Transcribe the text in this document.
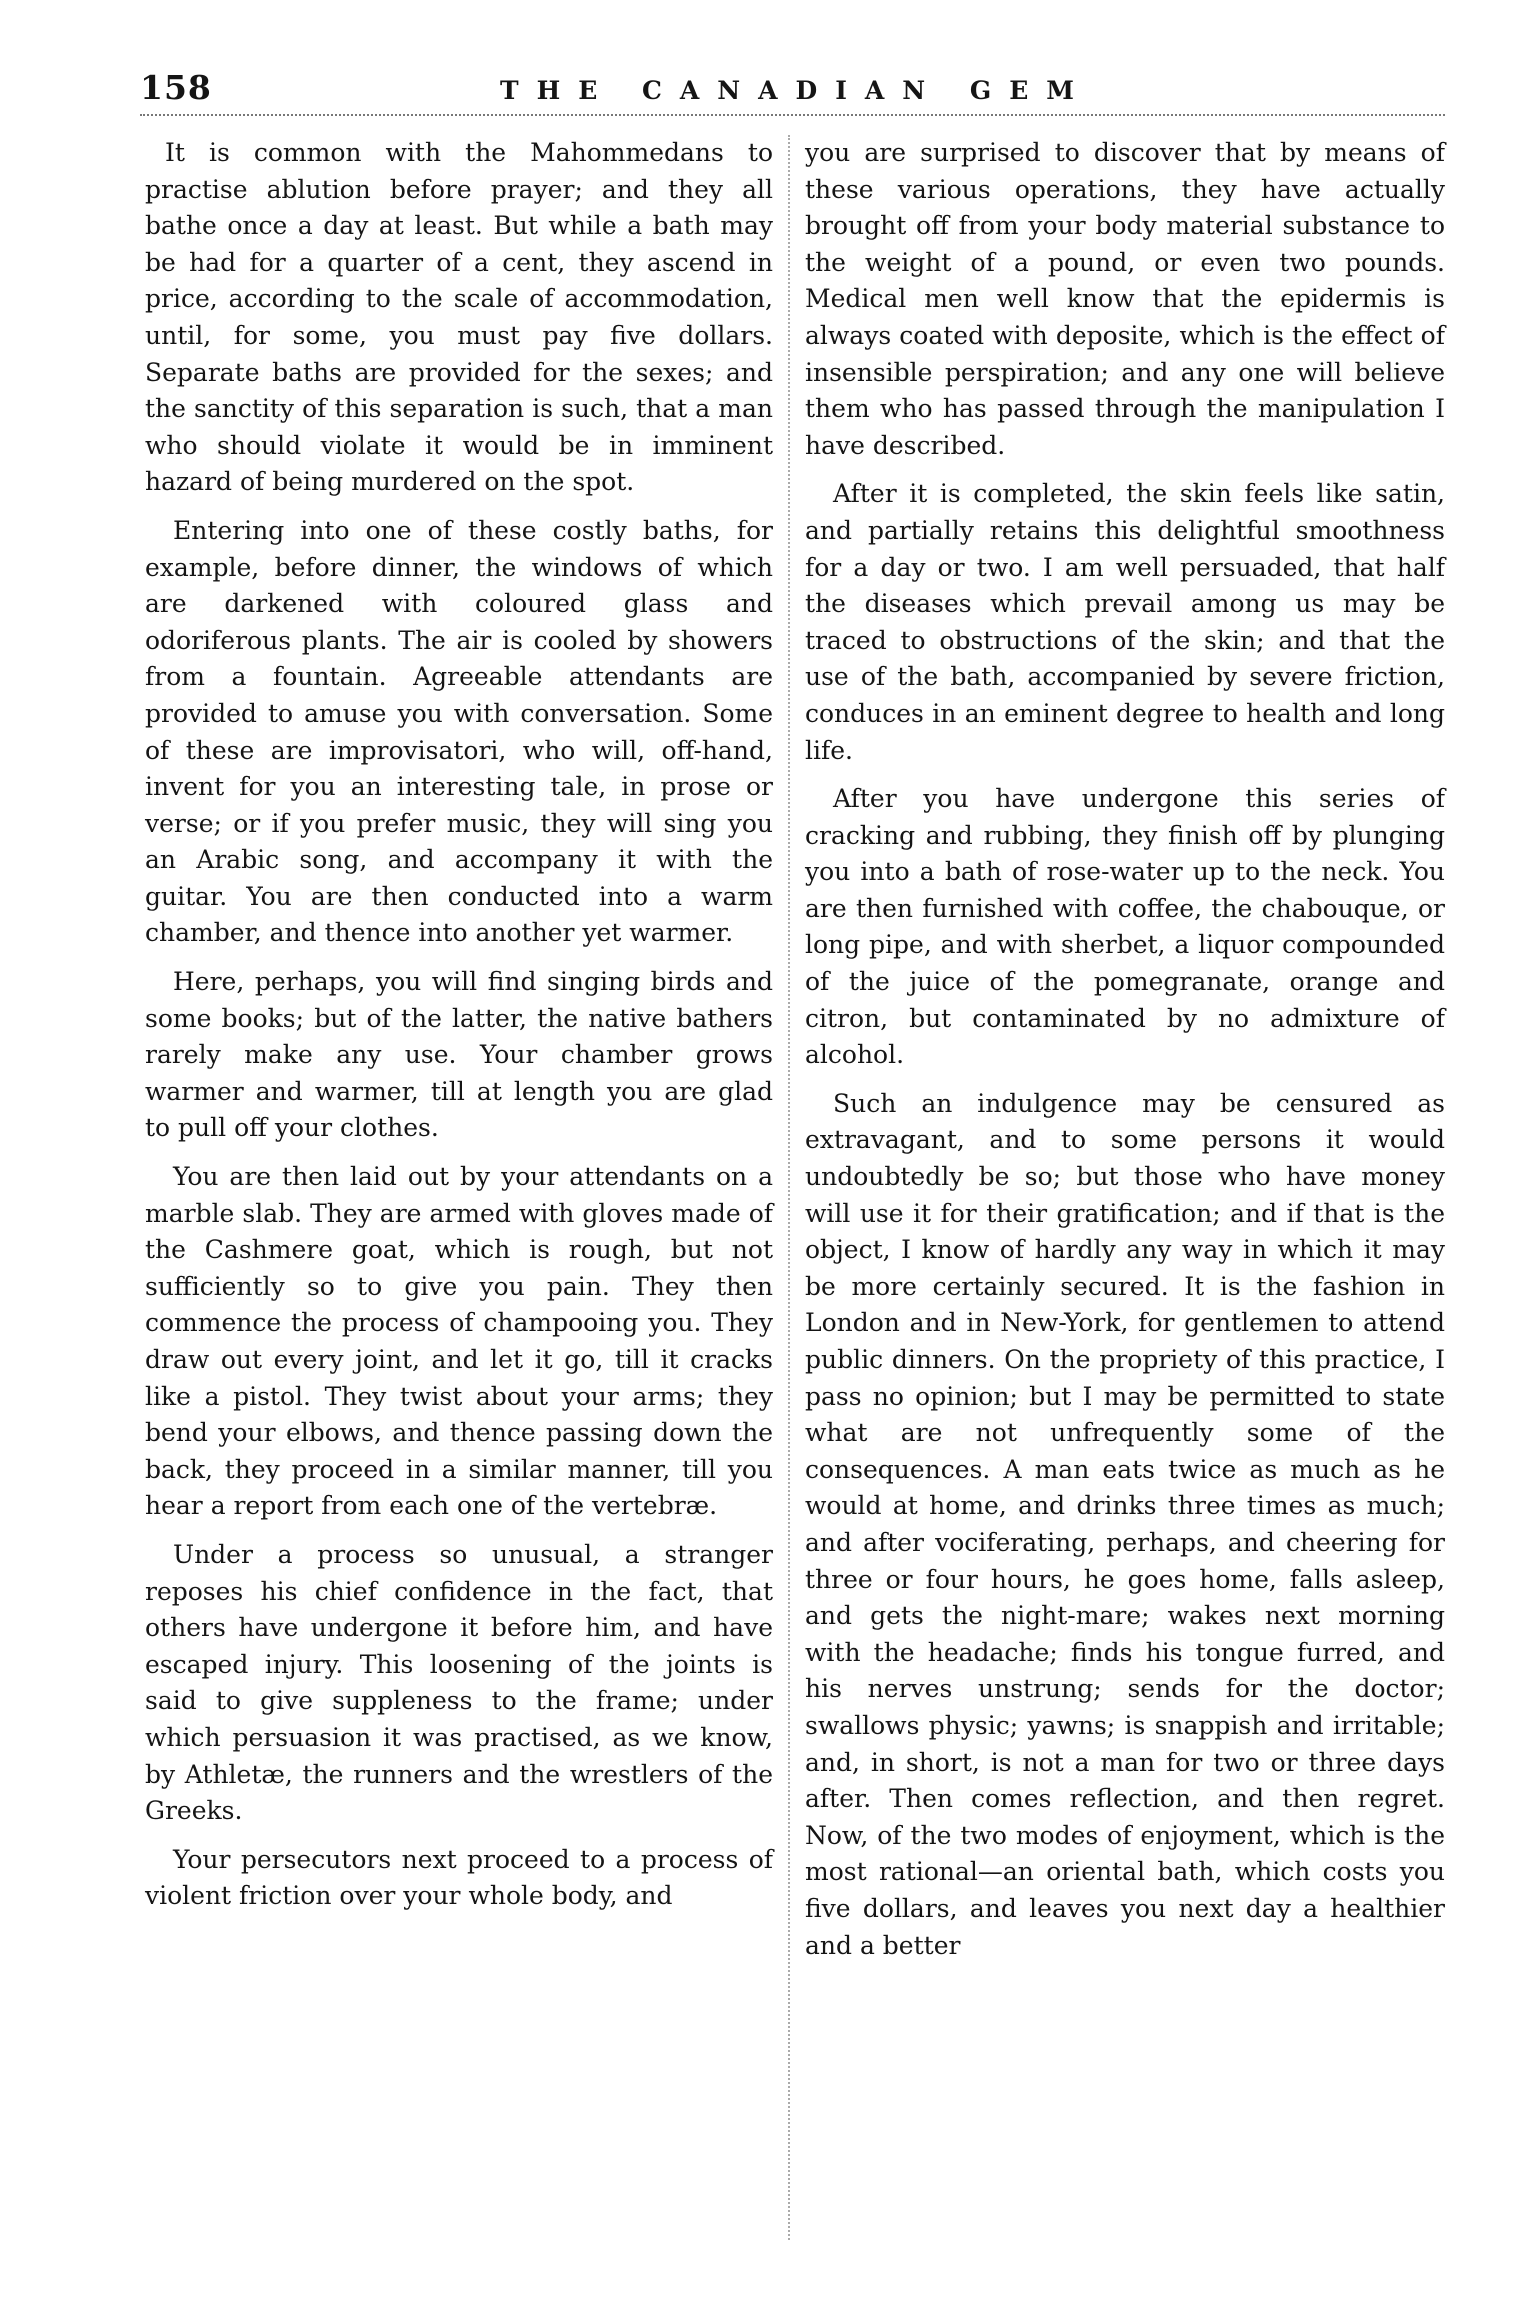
158	THE CANADIAN GEM

It is common with the Mahommedans to practise ablution before prayer; and they all bathe once a day at least. But while a bath may be had for a quarter of a cent, they ascend in price, according to the scale of accommodation, until, for some, you must pay five dollars. Separate baths are provided for the sexes; and the sanctity of this separation is such, that a man who should violate it would be in imminent hazard of being murdered on the spot.

Entering into one of these costly baths, for example, before dinner, the windows of which are darkened with coloured glass and odoriferous plants. The air is cooled by showers from a fountain. Agreeable attendants are provided to amuse you with conversation. Some of these are improvisatori, who will, off-hand, invent for you an interesting tale, in prose or verse; or if you prefer music, they will sing you an Arabic song, and accompany it with the guitar. You are then conducted into a warm chamber, and thence into another yet warmer.

Here, perhaps, you will find singing birds and some books; but of the latter, the native bathers rarely make any use. Your chamber grows warmer and warmer, till at length you are glad to pull off your clothes.

You are then laid out by your attendants on a marble slab. They are armed with gloves made of the Cashmere goat, which is rough, but not sufficiently so to give you pain. They then commence the process of champooing you. They draw out every joint, and let it go, till it cracks like a pistol. They twist about your arms; they bend your elbows, and thence passing down the back, they proceed in a similar manner, till you hear a report from each one of the vertebræ.

Under a process so unusual, a stranger reposes his chief confidence in the fact, that others have undergone it before him, and have escaped injury. This loosening of the joints is said to give suppleness to the frame; under which persuasion it was practised, as we know, by Athletæ, the runners and the wrestlers of the Greeks.

Your persecutors next proceed to a process of violent friction over your whole body, and

you are surprised to discover that by means of these various operations, they have actually brought off from your body material substance to the weight of a pound, or even two pounds. Medical men well know that the epidermis is always coated with deposite, which is the effect of insensible perspiration; and any one will believe them who has passed through the manipulation I have described.

After it is completed, the skin feels like satin, and partially retains this delightful smoothness for a day or two. I am well persuaded, that half the diseases which prevail among us may be traced to obstructions of the skin; and that the use of the bath, accompanied by severe friction, conduces in an eminent degree to health and long life.

After you have undergone this series of cracking and rubbing, they finish off by plunging you into a bath of rose-water up to the neck. You are then furnished with coffee, the chabouque, or long pipe, and with sherbet, a liquor compounded of the juice of the pomegranate, orange and citron, but contaminated by no admixture of alcohol.

Such an indulgence may be censured as extravagant, and to some persons it would undoubtedly be so; but those who have money will use it for their gratification; and if that is the object, I know of hardly any way in which it may be more certainly secured. It is the fashion in London and in New-York, for gentlemen to attend public dinners. On the propriety of this practice, I pass no opinion; but I may be permitted to state what are not unfrequently some of the consequences. A man eats twice as much as he would at home, and drinks three times as much; and after vociferating, perhaps, and cheering for three or four hours, he goes home, falls asleep, and gets the night-mare; wakes next morning with the headache; finds his tongue furred, and his nerves unstrung; sends for the doctor; swallows physic; yawns; is snappish and irritable; and, in short, is not a man for two or three days after. Then comes reflection, and then regret. Now, of the two modes of enjoyment, which is the most rational—an oriental bath, which costs you five dollars, and leaves you next day a healthier and a better
